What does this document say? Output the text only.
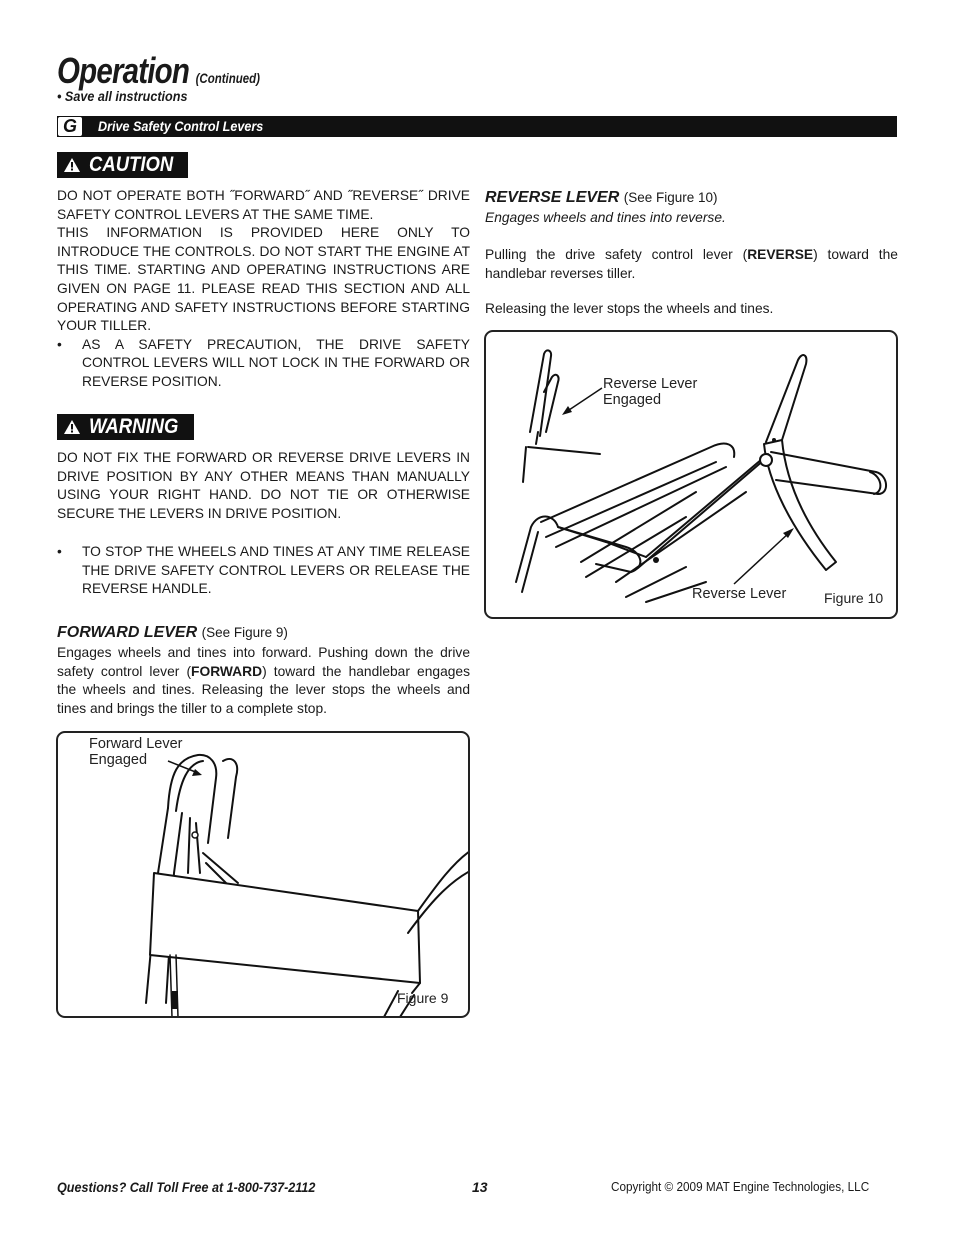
Operation (Continued)
• Save all instructions
G	Drive Safety Control Levers
CAUTION

DO NOT OPERATE BOTH ˝FORWARD˝ AND ˝REVERSE˝ DRIVE SAFETY CONTROL LEVERS AT THE SAME TIME.

THIS INFORMATION IS PROVIDED HERE ONLY TO INTRODUCE THE CONTROLS. DO NOT START THE ENGINE AT THIS TIME. STARTING AND OPERATING INSTRUCTIONS ARE GIVEN ON PAGE 11. PLEASE READ THIS SECTION AND ALL OPERATING AND SAFETY INSTRUCTIONS BEFORE STARTING YOUR TILLER.

• AS A SAFETY PRECAUTION, THE DRIVE SAFETY CONTROL LEVERS WILL NOT LOCK IN THE FORWARD OR REVERSE POSITION.

WARNING

DO NOT FIX THE FORWARD OR REVERSE DRIVE LEVERS IN DRIVE POSITION BY ANY OTHER MEANS THAN MANUALLY USING YOUR RIGHT HAND. DO NOT TIE OR OTHERWISE SECURE THE LEVERS IN DRIVE POSITION.

• TO STOP THE WHEELS AND TINES AT ANY TIME RELEASE THE DRIVE SAFETY CONTROL LEVERS OR RELEASE THE REVERSE HANDLE.

FORWARD LEVER (See Figure 9)

Engages wheels and tines into forward. Pushing down the drive safety control lever (FORWARD) toward the handlebar engages the wheels and tines. Releasing the lever stops the wheels and tines and brings the tiller to a complete stop.

Forward Lever
Engaged
Figure 9
REVERSE LEVER (See Figure 10)
Engages wheels and tines into reverse.

Pulling the drive safety control lever (REVERSE) toward the handlebar reverses tiller.

Releasing the lever stops the wheels and tines.
Reverse Lever
Engaged
Reverse Lever	Figure 10
Questions? Call Toll Free at 1-800-737-2112	13	Copyright © 2009 MAT Engine Technologies, LLC
